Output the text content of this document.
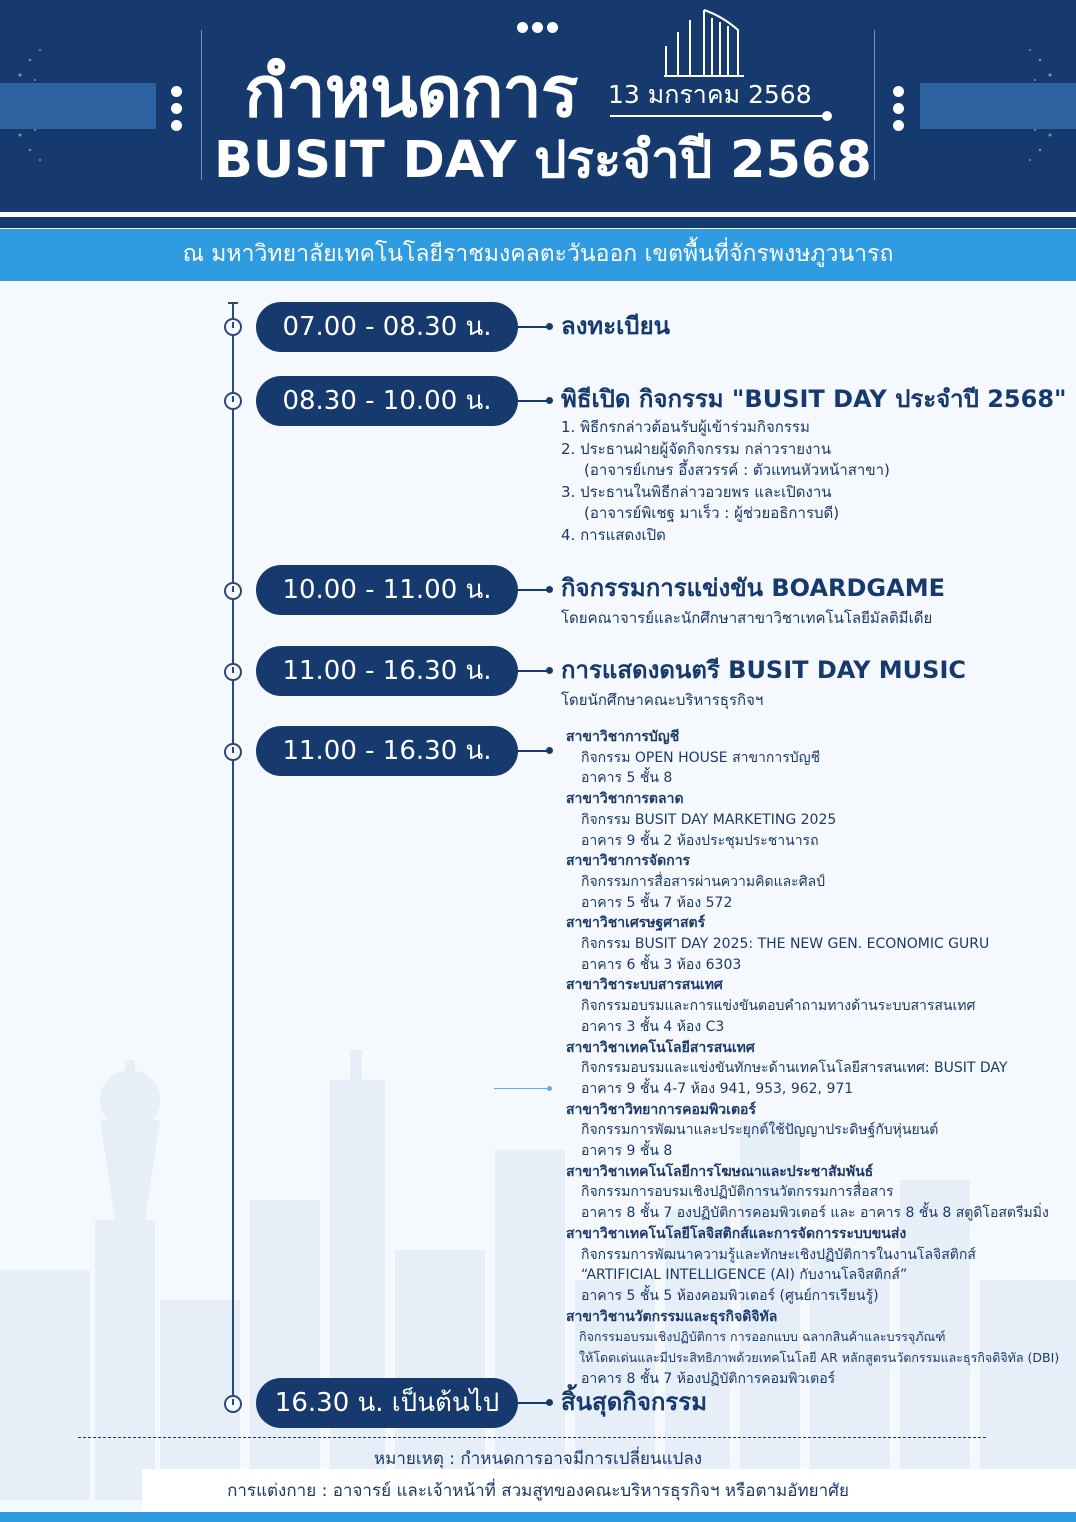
กำหนดการ 13 มกราคม 2568
BUSIT DAY ประจำปี 2568
ณ มหาวิทยาลัยเทคโนโลยีราชมงคลตะวันออก เขตพื้นที่จักรพงษภูวนารถ
07.00 - 08.30 น.	ลงทะเบียน
08.30 - 10.00 น.	พิธีเปิด กิจกรรม "BUSIT DAY ประจำปี 2568"
1. พิธีกรกล่าวต้อนรับผู้เข้าร่วมกิจกรรม
2. ประธานฝ่ายผู้จัดกิจกรรม กล่าวรายงาน
(อาจารย์เกษร อึ้งสวรรค์ : ตัวแทนหัวหน้าสาขา)
3. ประธานในพิธีกล่าวอวยพร และเปิดงาน
(อาจารย์พิเชฐ มาเร็ว : ผู้ช่วยอธิการบดี)
4. การแสดงเปิด
10.00 - 11.00 น.	กิจกรรมการแข่งขัน BOARDGAME
โดยคณาจารย์และนักศึกษาสาขาวิชาเทคโนโลยีมัลติมีเดีย
11.00 - 16.30 น.	การแสดงดนตรี BUSIT DAY MUSIC
โดยนักศึกษาคณะบริหารธุรกิจฯ
11.00 - 16.30 น.	สาขาวิชาการบัญชี
กิจกรรม OPEN HOUSE สาขาการบัญชี
อาคาร 5 ชั้น 8
สาขาวิชาการตลาด
กิจกรรม BUSIT DAY MARKETING 2025
อาคาร 9 ชั้น 2 ห้องประชุมประชานารถ
สาขาวิชาการจัดการ
กิจกรรมการสื่อสารผ่านความคิดและศิลป์
อาคาร 5 ชั้น 7 ห้อง 572
สาขาวิชาเศรษฐศาสตร์
กิจกรรม BUSIT DAY 2025: THE NEW GEN. ECONOMIC GURU
อาคาร 6 ชั้น 3 ห้อง 6303
สาขาวิชาระบบสารสนเทศ
กิจกรรมอบรมและการแข่งขันตอบคำถามทางด้านระบบสารสนเทศ
อาคาร 3 ชั้น 4 ห้อง C3
สาขาวิชาเทคโนโลยีสารสนเทศ
กิจกรรมอบรมและแข่งขันทักษะด้านเทคโนโลยีสารสนเทศ: BUSIT DAY
อาคาร 9 ชั้น 4-7 ห้อง 941, 953, 962, 971
สาขาวิชาวิทยาการคอมพิวเตอร์
กิจกรรมการพัฒนาและประยุกต์ใช้ปัญญาประดิษฐ์กับหุ่นยนต์
อาคาร 9 ชั้น 8
สาขาวิชาเทคโนโลยีการโฆษณาและประชาสัมพันธ์
กิจกรรมการอบรมเชิงปฏิบัติการนวัตกรรมการสื่อสาร
อาคาร 8 ชั้น 7 องปฏิบัติการคอมพิวเตอร์ และ อาคาร 8 ชั้น 8 สตูดิโอสตรีมมิ่ง
สาขาวิชาเทคโนโลยีโลจิสติกส์และการจัดการระบบขนส่ง
กิจกรรมการพัฒนาความรู้และทักษะเชิงปฏิบัติการในงานโลจิสติกส์
“ARTIFICIAL INTELLIGENCE (AI) กับงานโลจิสติกส์”
อาคาร 5 ชั้น 5 ห้องคอมพิวเตอร์ (ศูนย์การเรียนรู้)
สาขาวิชานวัตกรรมและธุรกิจดิจิทัล
กิจกรรมอบรมเชิงปฏิบัติการ การออกแบบ ฉลากสินค้าและบรรจุภัณฑ์
ให้โดดเด่นและมีประสิทธิภาพด้วยเทคโนโลยี AR หลักสูตรนวัตกรรมและธุรกิจดิจิทัล (DBI)
อาคาร 8 ชั้น 7 ห้องปฏิบัติการคอมพิวเตอร์
16.30 น. เป็นต้นไป	สิ้นสุดกิจกรรม
หมายเหตุ : กำหนดการอาจมีการเปลี่ยนแปลง
การแต่งกาย : อาจารย์ และเจ้าหน้าที่ สวมสูทของคณะบริหารธุรกิจฯ หรือตามอัทยาศัย
